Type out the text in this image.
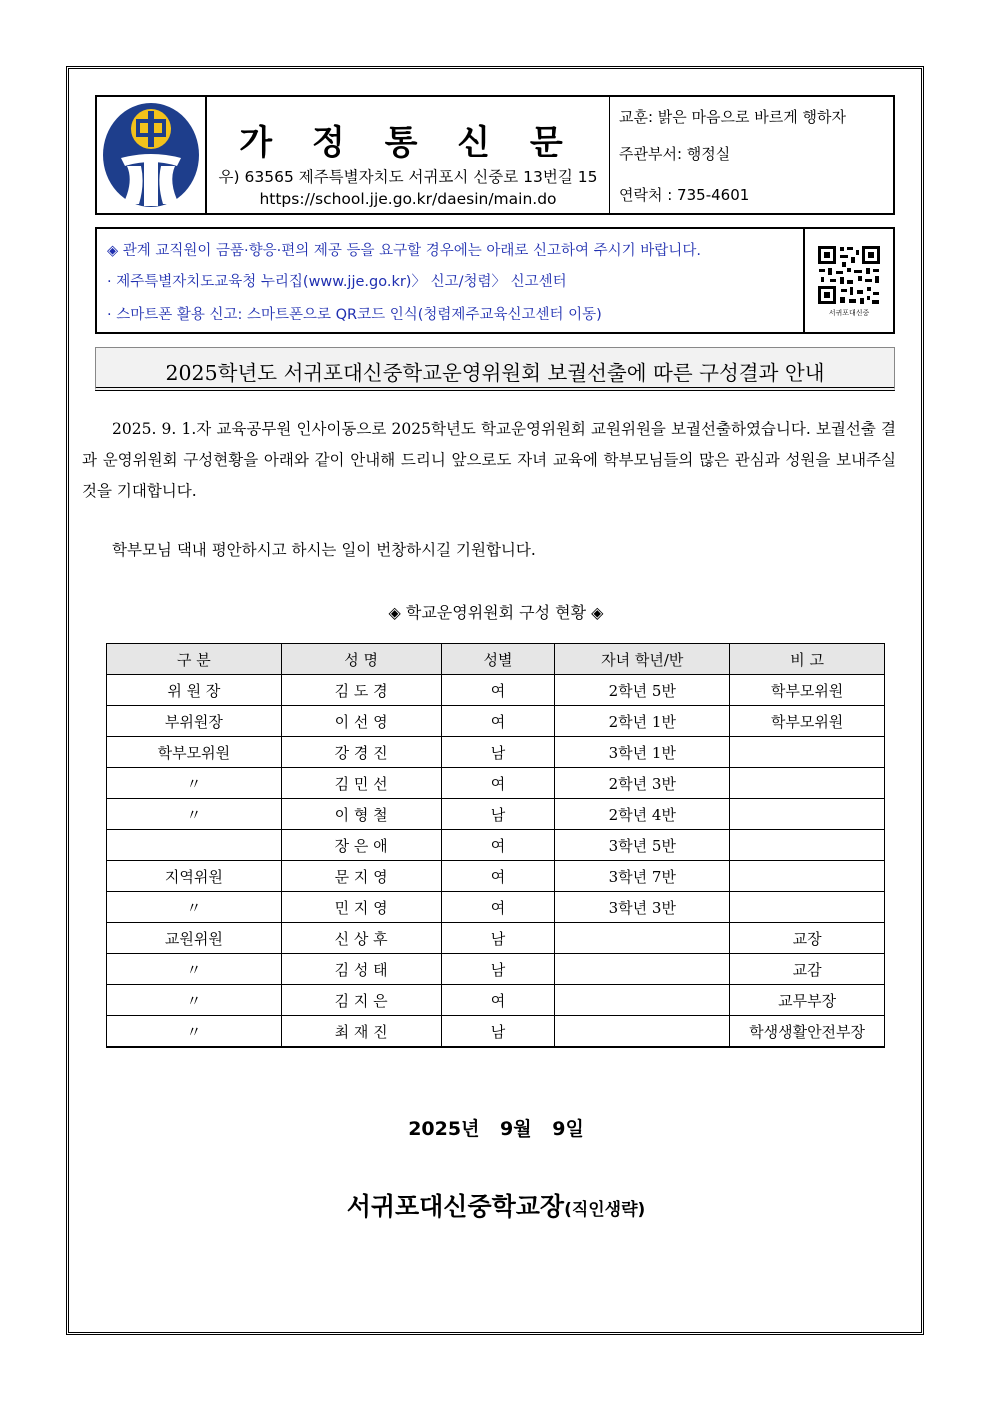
가 정 통 신 문
우) 63565 제주특별자치도 서귀포시 신중로 13번길 15
https://school.jje.go.kr/daesin/main.do
교훈: 밝은 마음으로 바르게 행하자
주관부서: 행정실
연락처 : 735-4601
◈ 관계 교직원이 금품·향응·편의 제공 등을 요구할 경우에는 아래로 신고하여 주시기 바랍니다.
· 제주특별자치도교육청 누리집(www.jje.go.kr)〉 신고/청렴〉 신고센터
· 스마트폰 활용 신고: 스마트폰으로 QR코드 인식(청렴제주교육신고센터 이동)	서귀포대신중
2025학년도 서귀포대신중학교운영위원회 보궐선출에 따른 구성결과 안내
2025. 9. 1.자 교육공무원 인사이동으로 2025학년도 학교운영위원회 교원위원을 보궐선출하였습니다. 보궐선출 결과 운영위원회 구성현황을 아래와 같이 안내해 드리니 앞으로도 자녀 교육에 학부모님들의 많은 관심과 성원을 보내주실 것을 기대합니다.
학부모님 댁내 평안하시고 하시는 일이 번창하시길 기원합니다.
◈ 학교운영위원회 구성 현황 ◈
구 분	성 명	성별	자녀 학년/반	비 고
위 원 장	김 도 경	여	2학년 5반	학부모위원
부위원장	이 선 영	여	2학년 1반	학부모위원
학부모위원	강 경 진	남	3학년 1반	
〃	김 민 선	여	2학년 3반	
〃	이 형 철	남	2학년 4반	
	장 은 애	여	3학년 5반	
지역위원	문 지 영	여	3학년 7반	
〃	민 지 영	여	3학년 3반	
교원위원	신 상 후	남		교장
〃	김 성 태	남		교감
〃	김 지 은	여		교무부장
〃	최 재 진	남		학생생활안전부장
2025년 9월 9일
서귀포대신중학교장(직인생략)
